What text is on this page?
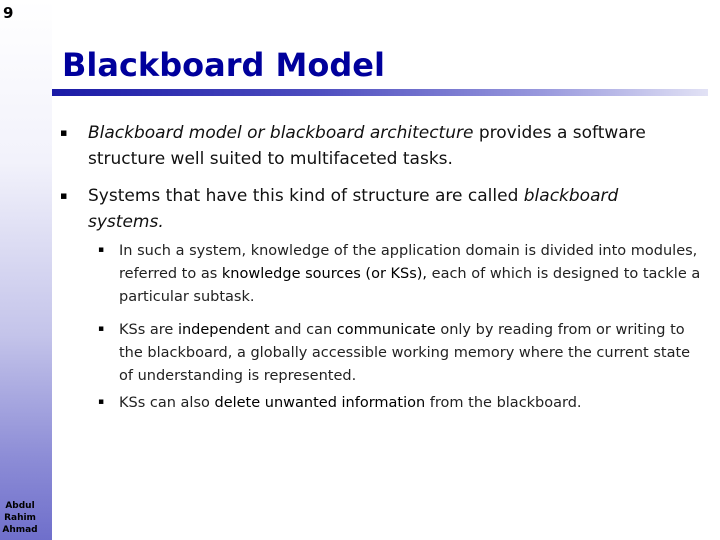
9
Abdul
Rahim
Ahmad
Blackboard Model
▪ Blackboard model or blackboard architecture provides a software structure well suited to multifaceted tasks.
▪ Systems that have this kind of structure are called blackboard systems.
▪ In such a system, knowledge of the application domain is divided into modules, referred to as knowledge sources (or KSs), each of which is designed to tackle a particular subtask.
▪ KSs are independent and can communicate only by reading from or writing to the blackboard, a globally accessible working memory where the current state of understanding is represented.
▪ KSs can also delete unwanted information from the blackboard.
